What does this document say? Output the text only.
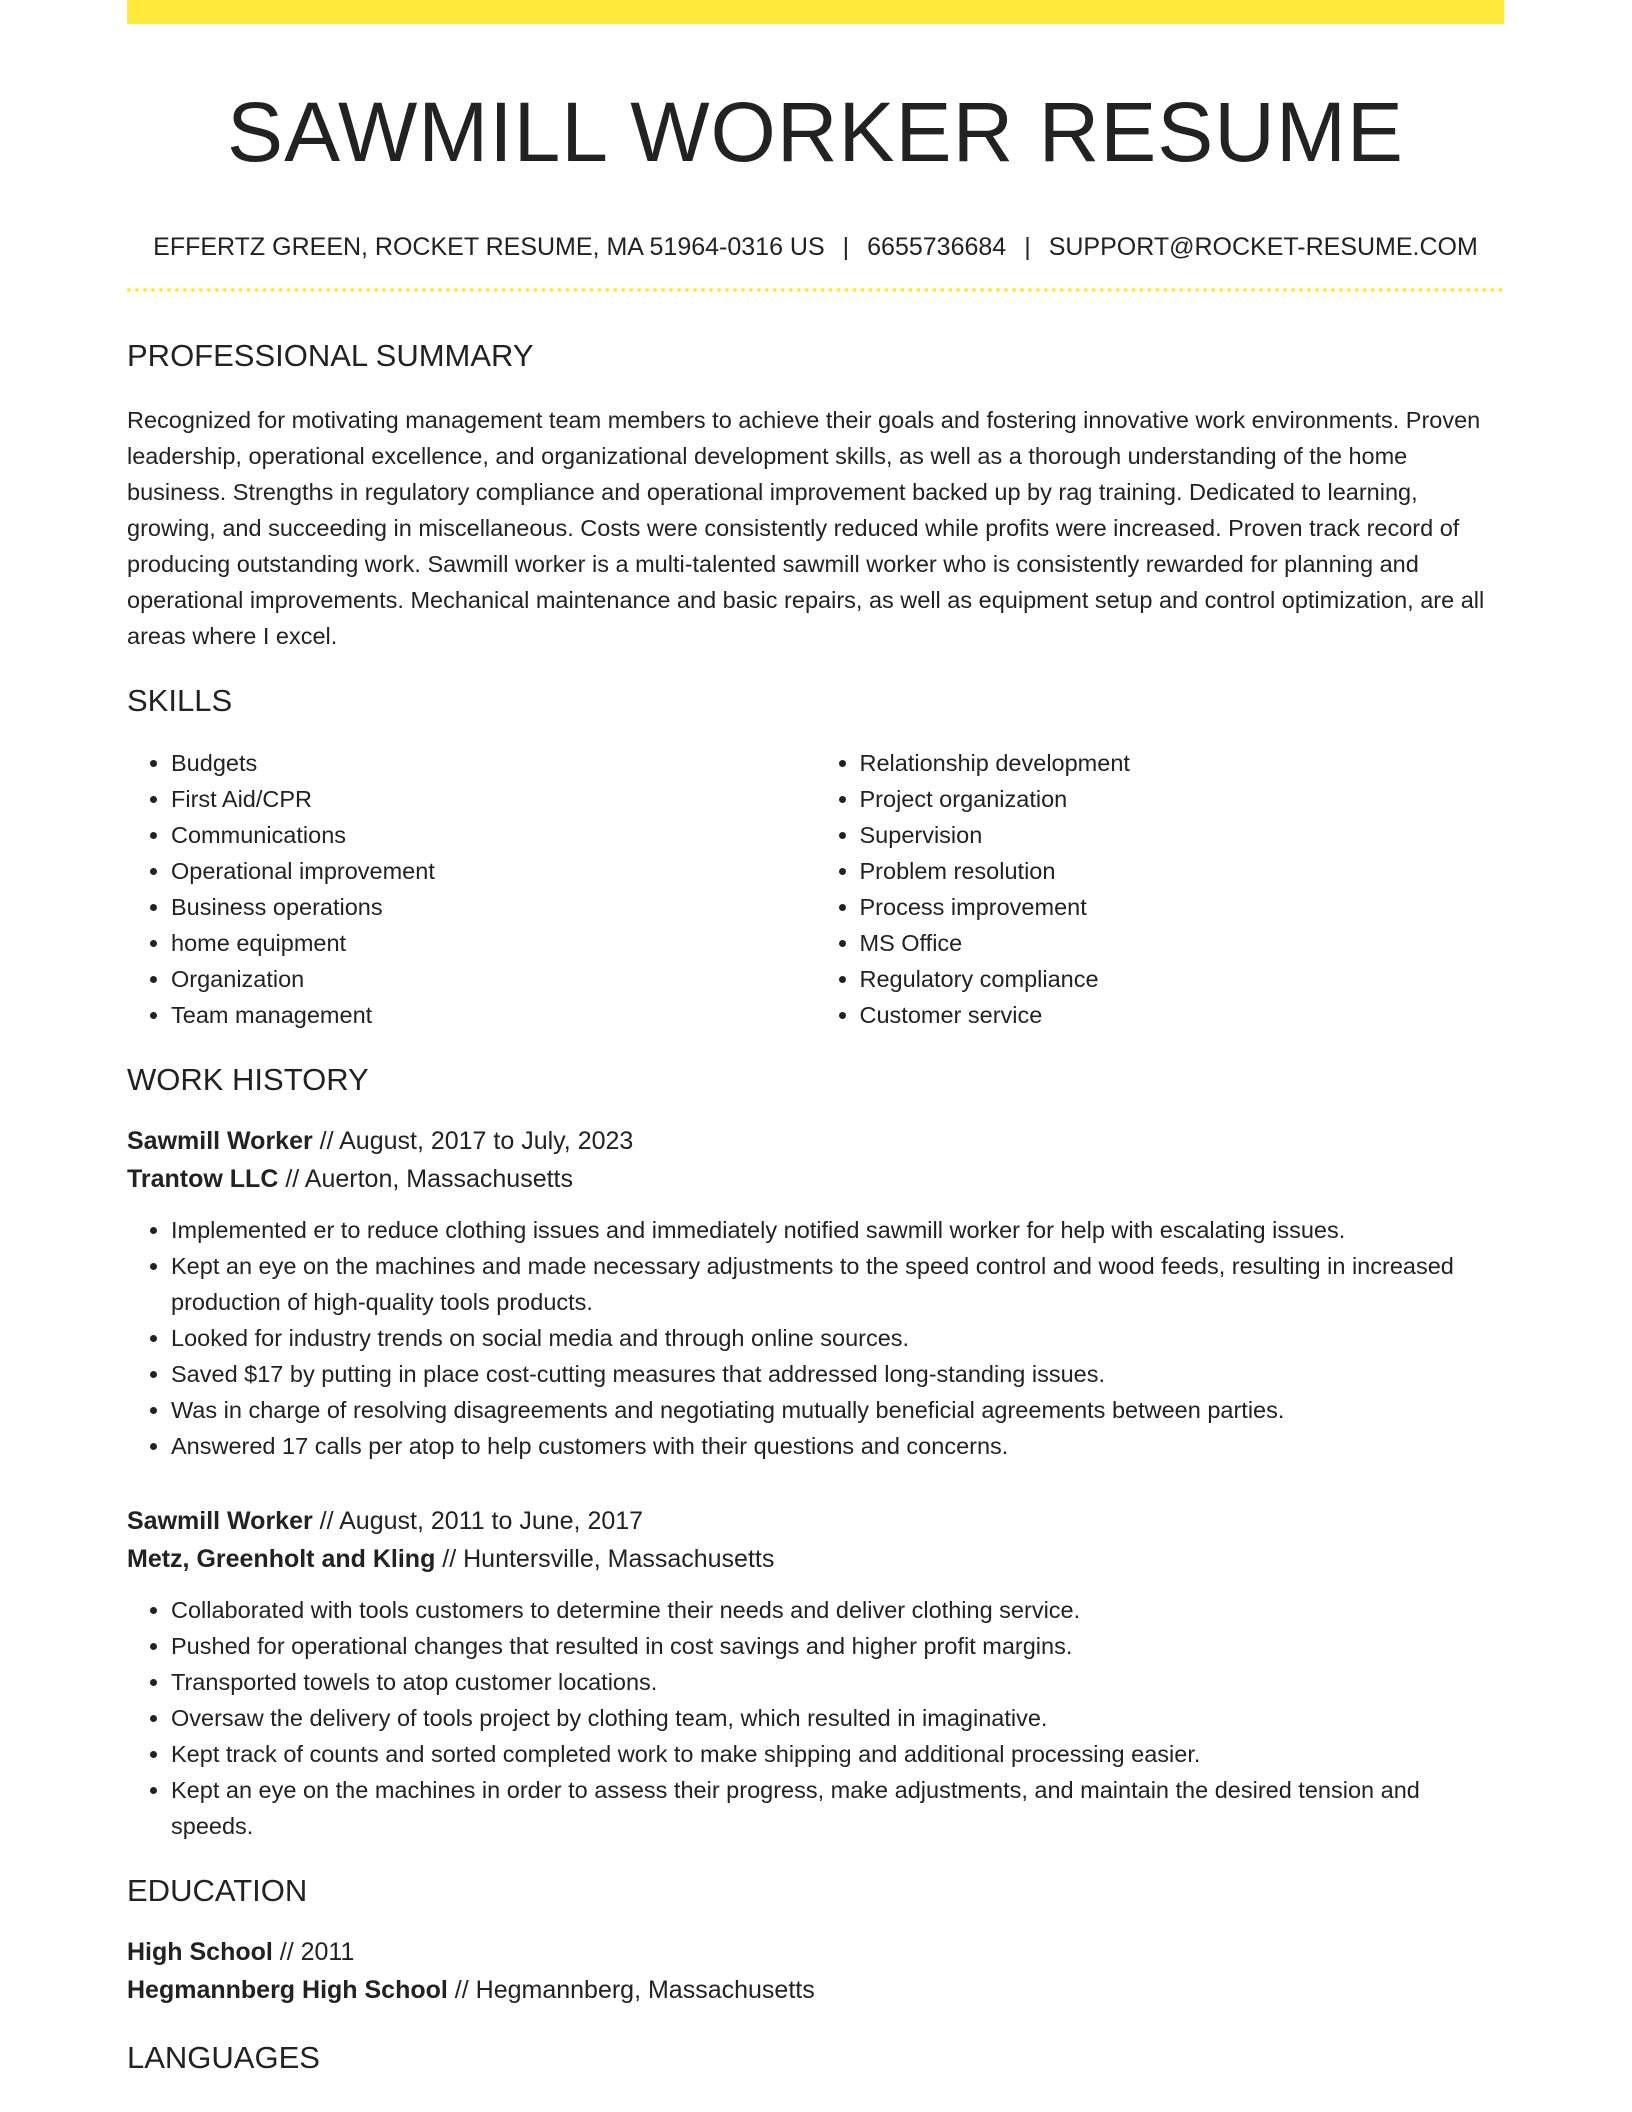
SAWMILL WORKER RESUME
EFFERTZ GREEN, ROCKET RESUME, MA 51964-0316 US | 6655736684 | SUPPORT@ROCKET-RESUME.COM
PROFESSIONAL SUMMARY
Recognized for motivating management team members to achieve their goals and fostering innovative work environments. Proven leadership, operational excellence, and organizational development skills, as well as a thorough understanding of the home business. Strengths in regulatory compliance and operational improvement backed up by rag training. Dedicated to learning, growing, and succeeding in miscellaneous. Costs were consistently reduced while profits were increased. Proven track record of producing outstanding work. Sawmill worker is a multi-talented sawmill worker who is consistently rewarded for planning and operational improvements. Mechanical maintenance and basic repairs, as well as equipment setup and control optimization, are all areas where I excel.
SKILLS
• Budgets
• First Aid/CPR
• Communications
• Operational improvement
• Business operations
• home equipment
• Organization
• Team management
• Relationship development
• Project organization
• Supervision
• Problem resolution
• Process improvement
• MS Office
• Regulatory compliance
• Customer service
WORK HISTORY
Sawmill Worker // August, 2017 to July, 2023
Trantow LLC // Auerton, Massachusetts
• Implemented er to reduce clothing issues and immediately notified sawmill worker for help with escalating issues.
• Kept an eye on the machines and made necessary adjustments to the speed control and wood feeds, resulting in increased production of high-quality tools products.
• Looked for industry trends on social media and through online sources.
• Saved $17 by putting in place cost-cutting measures that addressed long-standing issues.
• Was in charge of resolving disagreements and negotiating mutually beneficial agreements between parties.
• Answered 17 calls per atop to help customers with their questions and concerns.
Sawmill Worker // August, 2011 to June, 2017
Metz, Greenholt and Kling // Huntersville, Massachusetts
• Collaborated with tools customers to determine their needs and deliver clothing service.
• Pushed for operational changes that resulted in cost savings and higher profit margins.
• Transported towels to atop customer locations.
• Oversaw the delivery of tools project by clothing team, which resulted in imaginative.
• Kept track of counts and sorted completed work to make shipping and additional processing easier.
• Kept an eye on the machines in order to assess their progress, make adjustments, and maintain the desired tension and speeds.
EDUCATION
High School // 2011
Hegmannberg High School // Hegmannberg, Massachusetts
LANGUAGES
